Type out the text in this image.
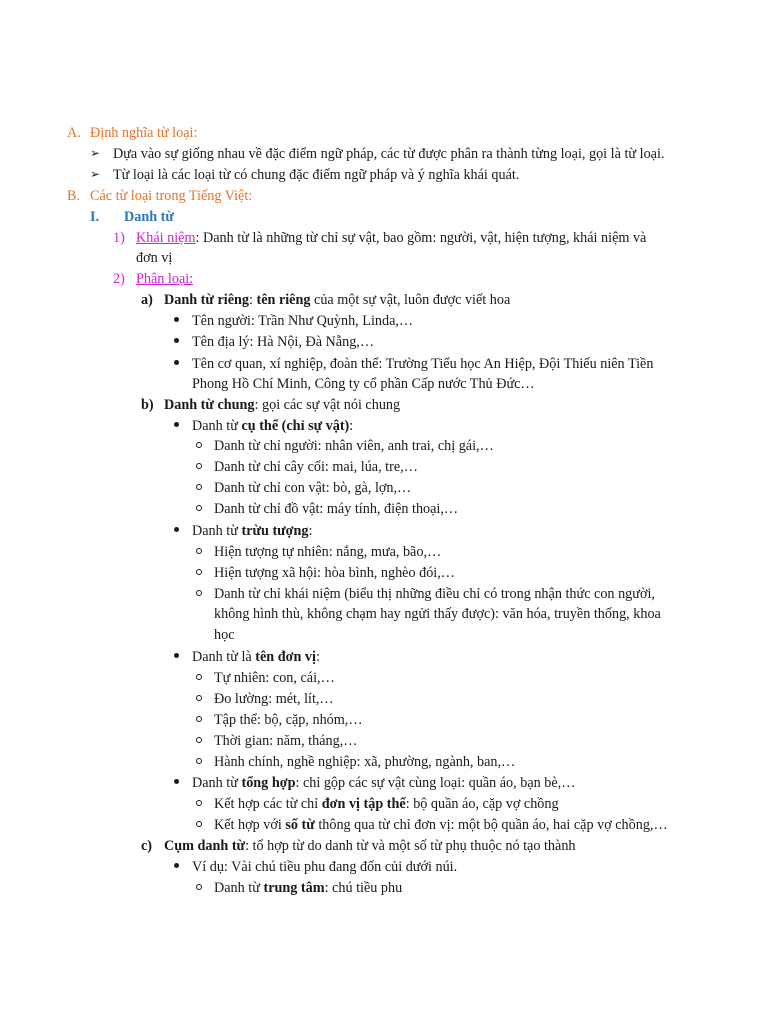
A. Định nghĩa từ loại:
➢ Dựa vào sự giống nhau về đặc điểm ngữ pháp, các từ được phân ra thành từng loại, gọi là từ loại.
➢ Từ loại là các loại từ có chung đặc điểm ngữ pháp và ý nghĩa khái quát.
B. Các từ loại trong Tiếng Việt:
I. Danh từ
1) Khái niệm: Danh từ là những từ chỉ sự vật, bao gồm: người, vật, hiện tượng, khái niệm và
đơn vị
2) Phân loại:
a) Danh từ riêng: tên riêng của một sự vật, luôn được viết hoa
Tên người: Trần Như Quỳnh, Linda,…
Tên địa lý: Hà Nội, Đà Nẵng,…
Tên cơ quan, xí nghiệp, đoàn thể: Trường Tiểu học An Hiệp, Đội Thiếu niên Tiền
Phong Hồ Chí Minh, Công ty cổ phần Cấp nước Thủ Đức…
b) Danh từ chung: gọi các sự vật nói chung
Danh từ cụ thể (chỉ sự vật):
Danh từ chỉ người: nhân viên, anh trai, chị gái,…
Danh từ chỉ cây cối: mai, lúa, tre,…
Danh từ chỉ con vật: bò, gà, lợn,…
Danh từ chỉ đồ vật: máy tính, điện thoại,…
Danh từ trừu tượng:
Hiện tượng tự nhiên: nắng, mưa, bão,…
Hiện tượng xã hội: hòa bình, nghèo đói,…
Danh từ chỉ khái niệm (biểu thị những điều chỉ có trong nhận thức con người,
không hình thù, không chạm hay ngửi thấy được): văn hóa, truyền thống, khoa
học
Danh từ là tên đơn vị:
Tự nhiên: con, cái,…
Đo lường: mét, lít,…
Tập thể: bộ, cặp, nhóm,…
Thời gian: năm, tháng,…
Hành chính, nghề nghiệp: xã, phường, ngành, ban,…
Danh từ tổng hợp: chỉ gộp các sự vật cùng loại: quần áo, bạn bè,…
Kết hợp các từ chỉ đơn vị tập thể: bộ quần áo, cặp vợ chồng
Kết hợp với số từ thông qua từ chỉ đơn vị: một bộ quần áo, hai cặp vợ chồng,…
c) Cụm danh từ: tổ hợp từ do danh từ và một số từ phụ thuộc nó tạo thành
Ví dụ: Vài chú tiều phu đang đốn củi dưới núi.
Danh từ trung tâm: chú tiều phu
